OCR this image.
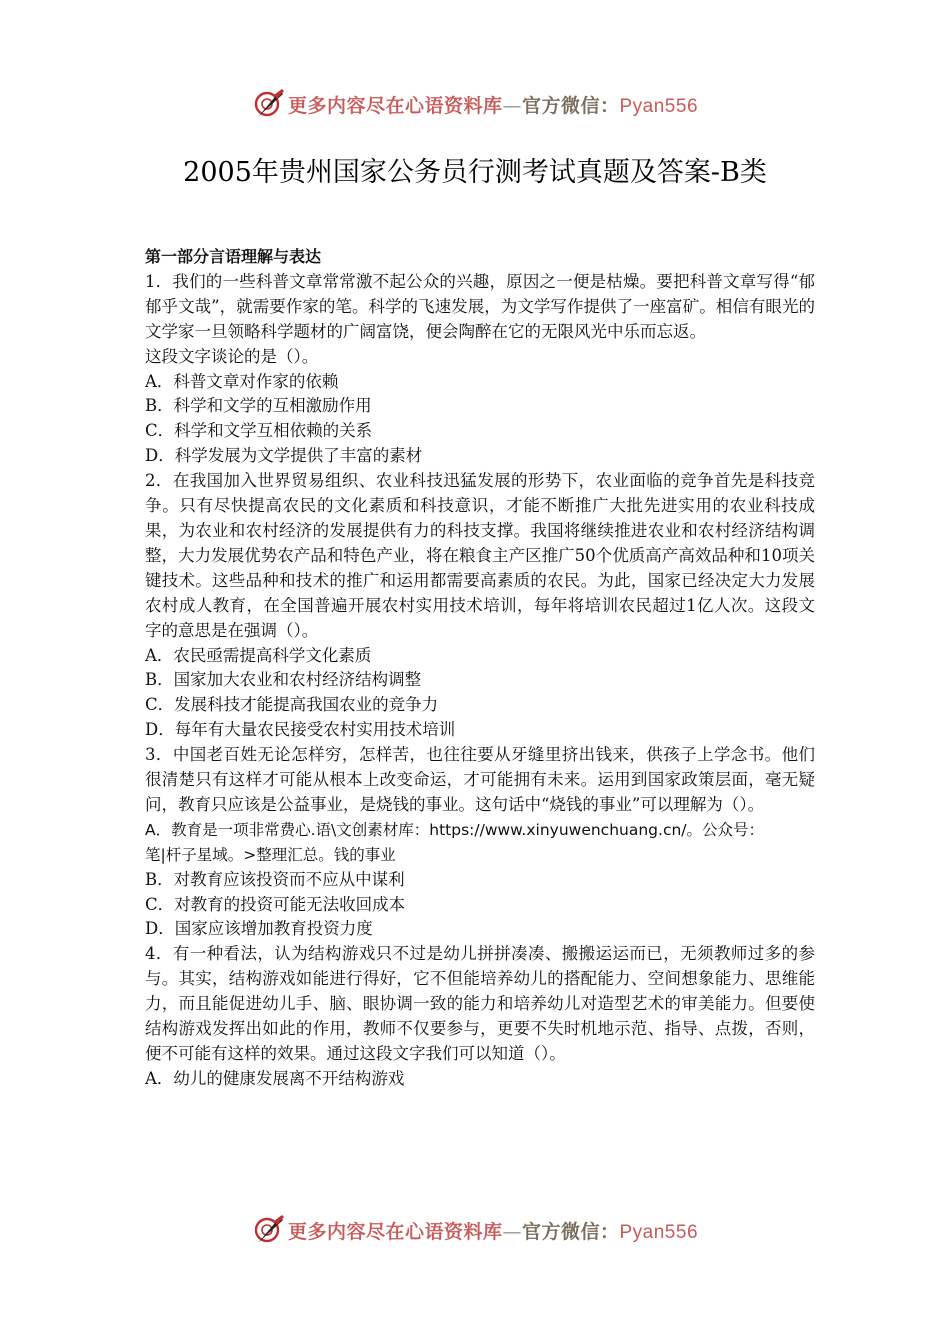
更多内容尽在心语资料库—官方微信：Pyan556
2005年贵州国家公务员行测考试真题及答案-B类

第一部分言语理解与表达

1．我们的一些科普文章常常激不起公众的兴趣，原因之一便是枯燥。要把科普文章写得“郁郁乎文哉”，就需要作家的笔。科学的飞速发展，为文学写作提供了一座富矿。相信有眼光的文学家一旦领略科学题材的广阔富饶，便会陶醉在它的无限风光中乐而忘返。

这段文字谈论的是（）。

A．科普文章对作家的依赖

B．科学和文学的互相激励作用

C．科学和文学互相依赖的关系

D．科学发展为文学提供了丰富的素材

2．在我国加入世界贸易组织、农业科技迅猛发展的形势下，农业面临的竞争首先是科技竞争。只有尽快提高农民的文化素质和科技意识，才能不断推广大批先进实用的农业科技成果，为农业和农村经济的发展提供有力的科技支撑。我国将继续推进农业和农村经济结构调整，大力发展优势农产品和特色产业，将在粮食主产区推广50个优质高产高效品种和10项关键技术。这些品种和技术的推广和运用都需要高素质的农民。为此，国家已经决定大力发展农村成人教育，在全国普遍开展农村实用技术培训，每年将培训农民超过1亿人次。这段文字的意思是在强调（）。

A．农民亟需提高科学文化素质

B．国家加大农业和农村经济结构调整

C．发展科技才能提高我国农业的竞争力

D．每年有大量农民接受农村实用技术培训

3．中国老百姓无论怎样穷，怎样苦，也往往要从牙缝里挤出钱来，供孩子上学念书。他们很清楚只有这样才可能从根本上改变命运，才可能拥有未来。运用到国家政策层面，毫无疑问，教育只应该是公益事业，是烧钱的事业。这句话中“烧钱的事业”可以理解为（）。

A．教育是一项非常费心.语\文创素材库：https://www.xinyuwenchuang.cn/。公众号：

笔|杆子星域。>整理汇总。钱的事业

B．对教育应该投资而不应从中谋利

C．对教育的投资可能无法收回成本

D．国家应该增加教育投资力度

4．有一种看法，认为结构游戏只不过是幼儿拼拼凑凑、搬搬运运而已，无须教师过多的参与。其实，结构游戏如能进行得好，它不但能培养幼儿的搭配能力、空间想象能力、思维能力，而且能促进幼儿手、脑、眼协调一致的能力和培养幼儿对造型艺术的审美能力。但要使结构游戏发挥出如此的作用，教师不仅要参与，更要不失时机地示范、指导、点拨，否则，便不可能有这样的效果。通过这段文字我们可以知道（）。

A．幼儿的健康发展离不开结构游戏

更多内容尽在心语资料库—官方微信：Pyan556
